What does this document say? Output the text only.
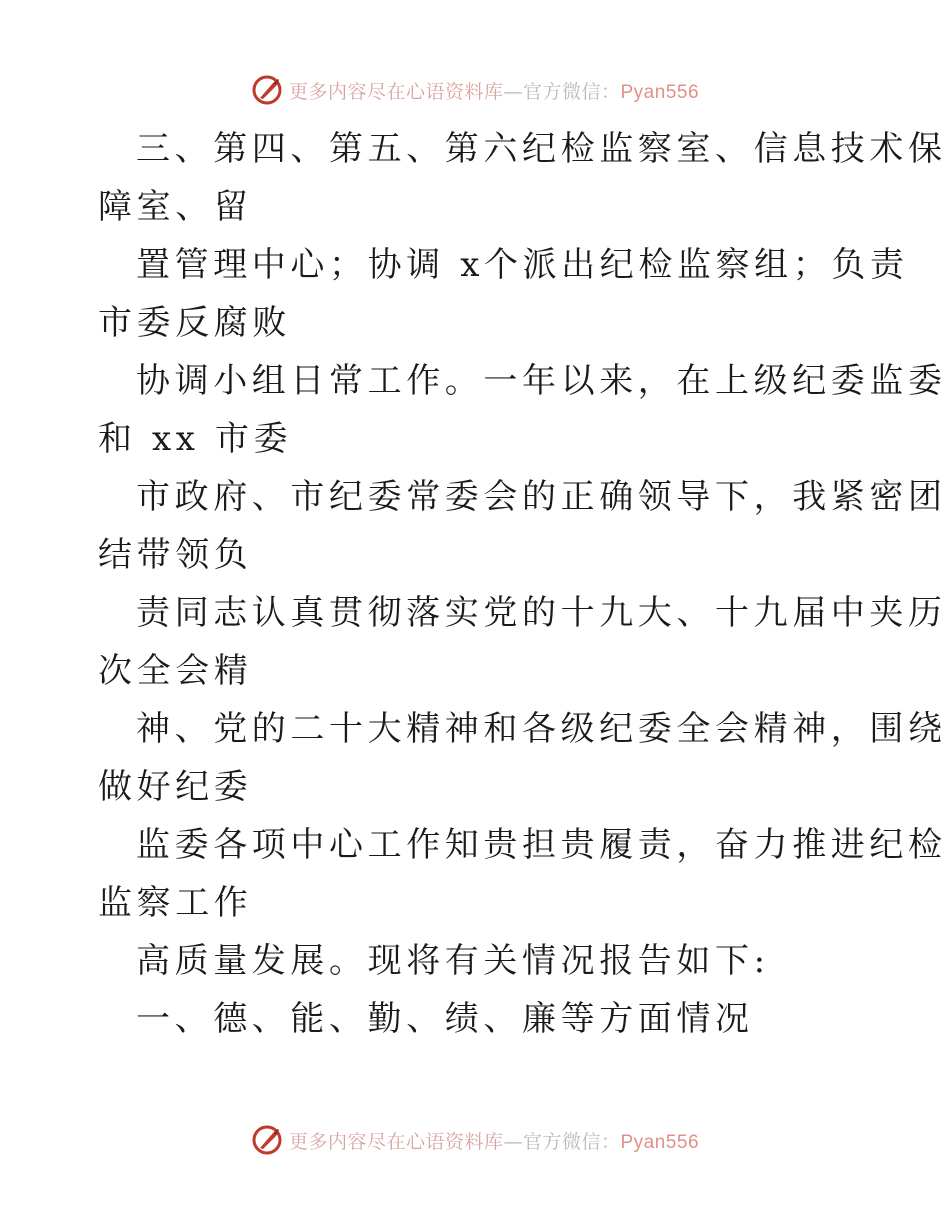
更多内容尽在心语资料库—官方微信：Pyan556
三、第四、第五、第六纪检监察室、信息技术保
障室、留
置管理中心；协调 x个派出纪检监察组；负责
市委反腐败
协调小组日常工作。一年以来，在上级纪委监委
和 xx 市委
市政府、市纪委常委会的正确领导下，我紧密团
结带领负
责同志认真贯彻落实党的十九大、十九届中夹历
次全会精
神、党的二十大精神和各级纪委全会精神，围绕
做好纪委
监委各项中心工作知贵担贵履责，奋力推进纪检
监察工作
高质量发展。现将有关情况报告如下:
一、德、能、勤、绩、廉等方面情况
更多内容尽在心语资料库—官方微信：Pyan556
